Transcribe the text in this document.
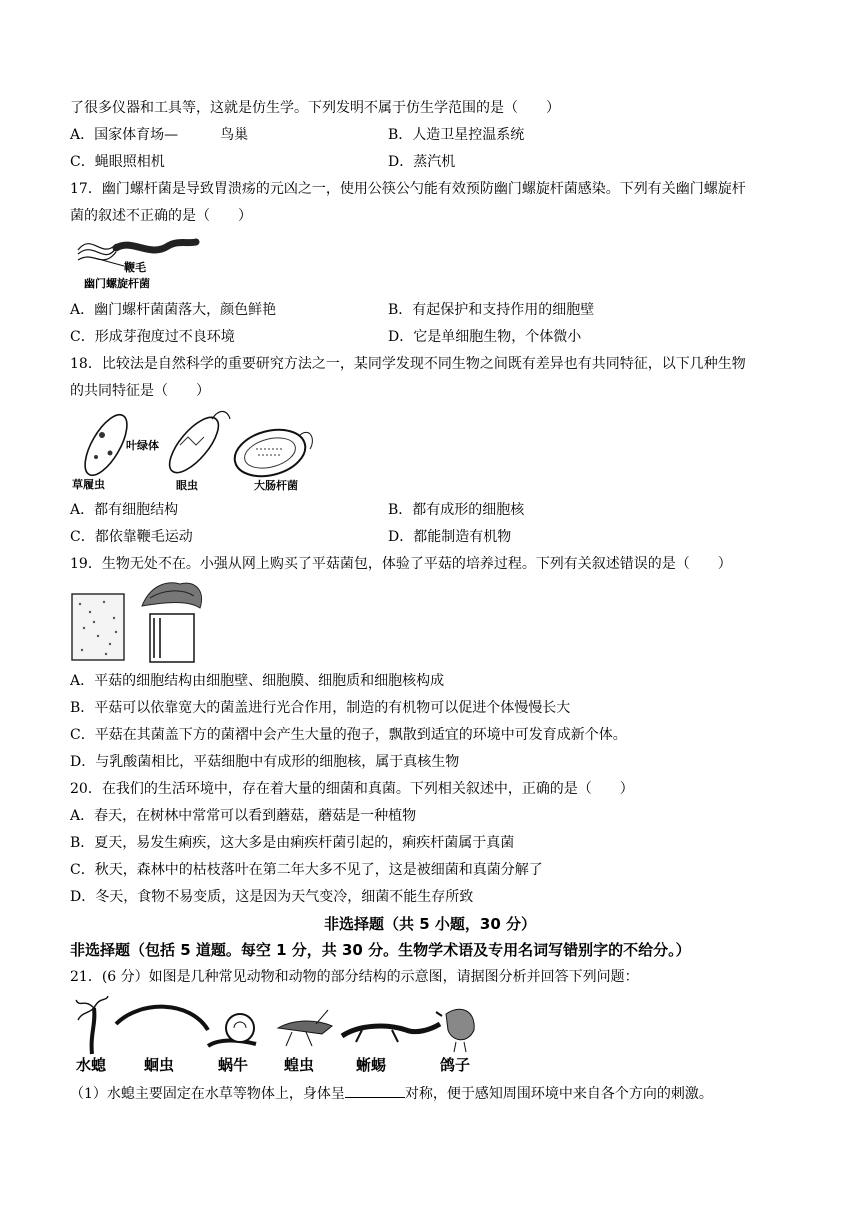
了很多仪器和工具等，这就是仿生学。下列发明不属于仿生学范围的是（　　）
A．国家体育场—　　　鸟巢	B．人造卫星控温系统
C．蝇眼照相机	D．蒸汽机
17．幽门螺杆菌是导致胃溃疡的元凶之一，使用公筷公勺能有效预防幽门螺旋杆菌感染。下列有关幽门螺旋杆
菌的叙述不正确的是（　　）
鞭毛
幽门螺旋杆菌
A．幽门螺杆菌菌落大，颜色鲜艳	B．有起保护和支持作用的细胞壁
C．形成芽孢度过不良环境	D．它是单细胞生物，个体微小
18．比较法是自然科学的重要研究方法之一，某同学发现不同生物之间既有差异也有共同特征，以下几种生物
的共同特征是（　　）
叶绿体
草履虫	眼虫	大肠杆菌
A．都有细胞结构	B．都有成形的细胞核
C．都依靠鞭毛运动	D．都能制造有机物
19．生物无处不在。小强从网上购买了平菇菌包，体验了平菇的培养过程。下列有关叙述错误的是（　　）
A．平菇的细胞结构由细胞壁、细胞膜、细胞质和细胞核构成
B．平菇可以依靠宽大的菌盖进行光合作用，制造的有机物可以促进个体慢慢长大
C．平菇在其菌盖下方的菌褶中会产生大量的孢子，飘散到适宜的环境中可发育成新个体。
D．与乳酸菌相比，平菇细胞中有成形的细胞核，属于真核生物
20．在我们的生活环境中，存在着大量的细菌和真菌。下列相关叙述中，正确的是（　　）
A．春天，在树林中常常可以看到蘑菇，蘑菇是一种植物
B．夏天，易发生痢疾，这大多是由痢疾杆菌引起的，痢疾杆菌属于真菌
C．秋天，森林中的枯枝落叶在第二年大多不见了，这是被细菌和真菌分解了
D．冬天，食物不易变质，这是因为天气变冷，细菌不能生存所致
非选择题（共 5 小题，30 分）
非选择题（包括 5 道题。每空 1 分，共 30 分。生物学术语及专用名词写错别字的不给分。）
21．(6 分）如图是几种常见动物和动物的部分结构的示意图，请据图分析并回答下列问题：
水螅	蛔虫	蜗牛 蝗虫	蜥蜴	鸽子
（1）水螅主要固定在水草等物体上，身体呈	对称，便于感知周围环境中来自各个方向的刺激。
